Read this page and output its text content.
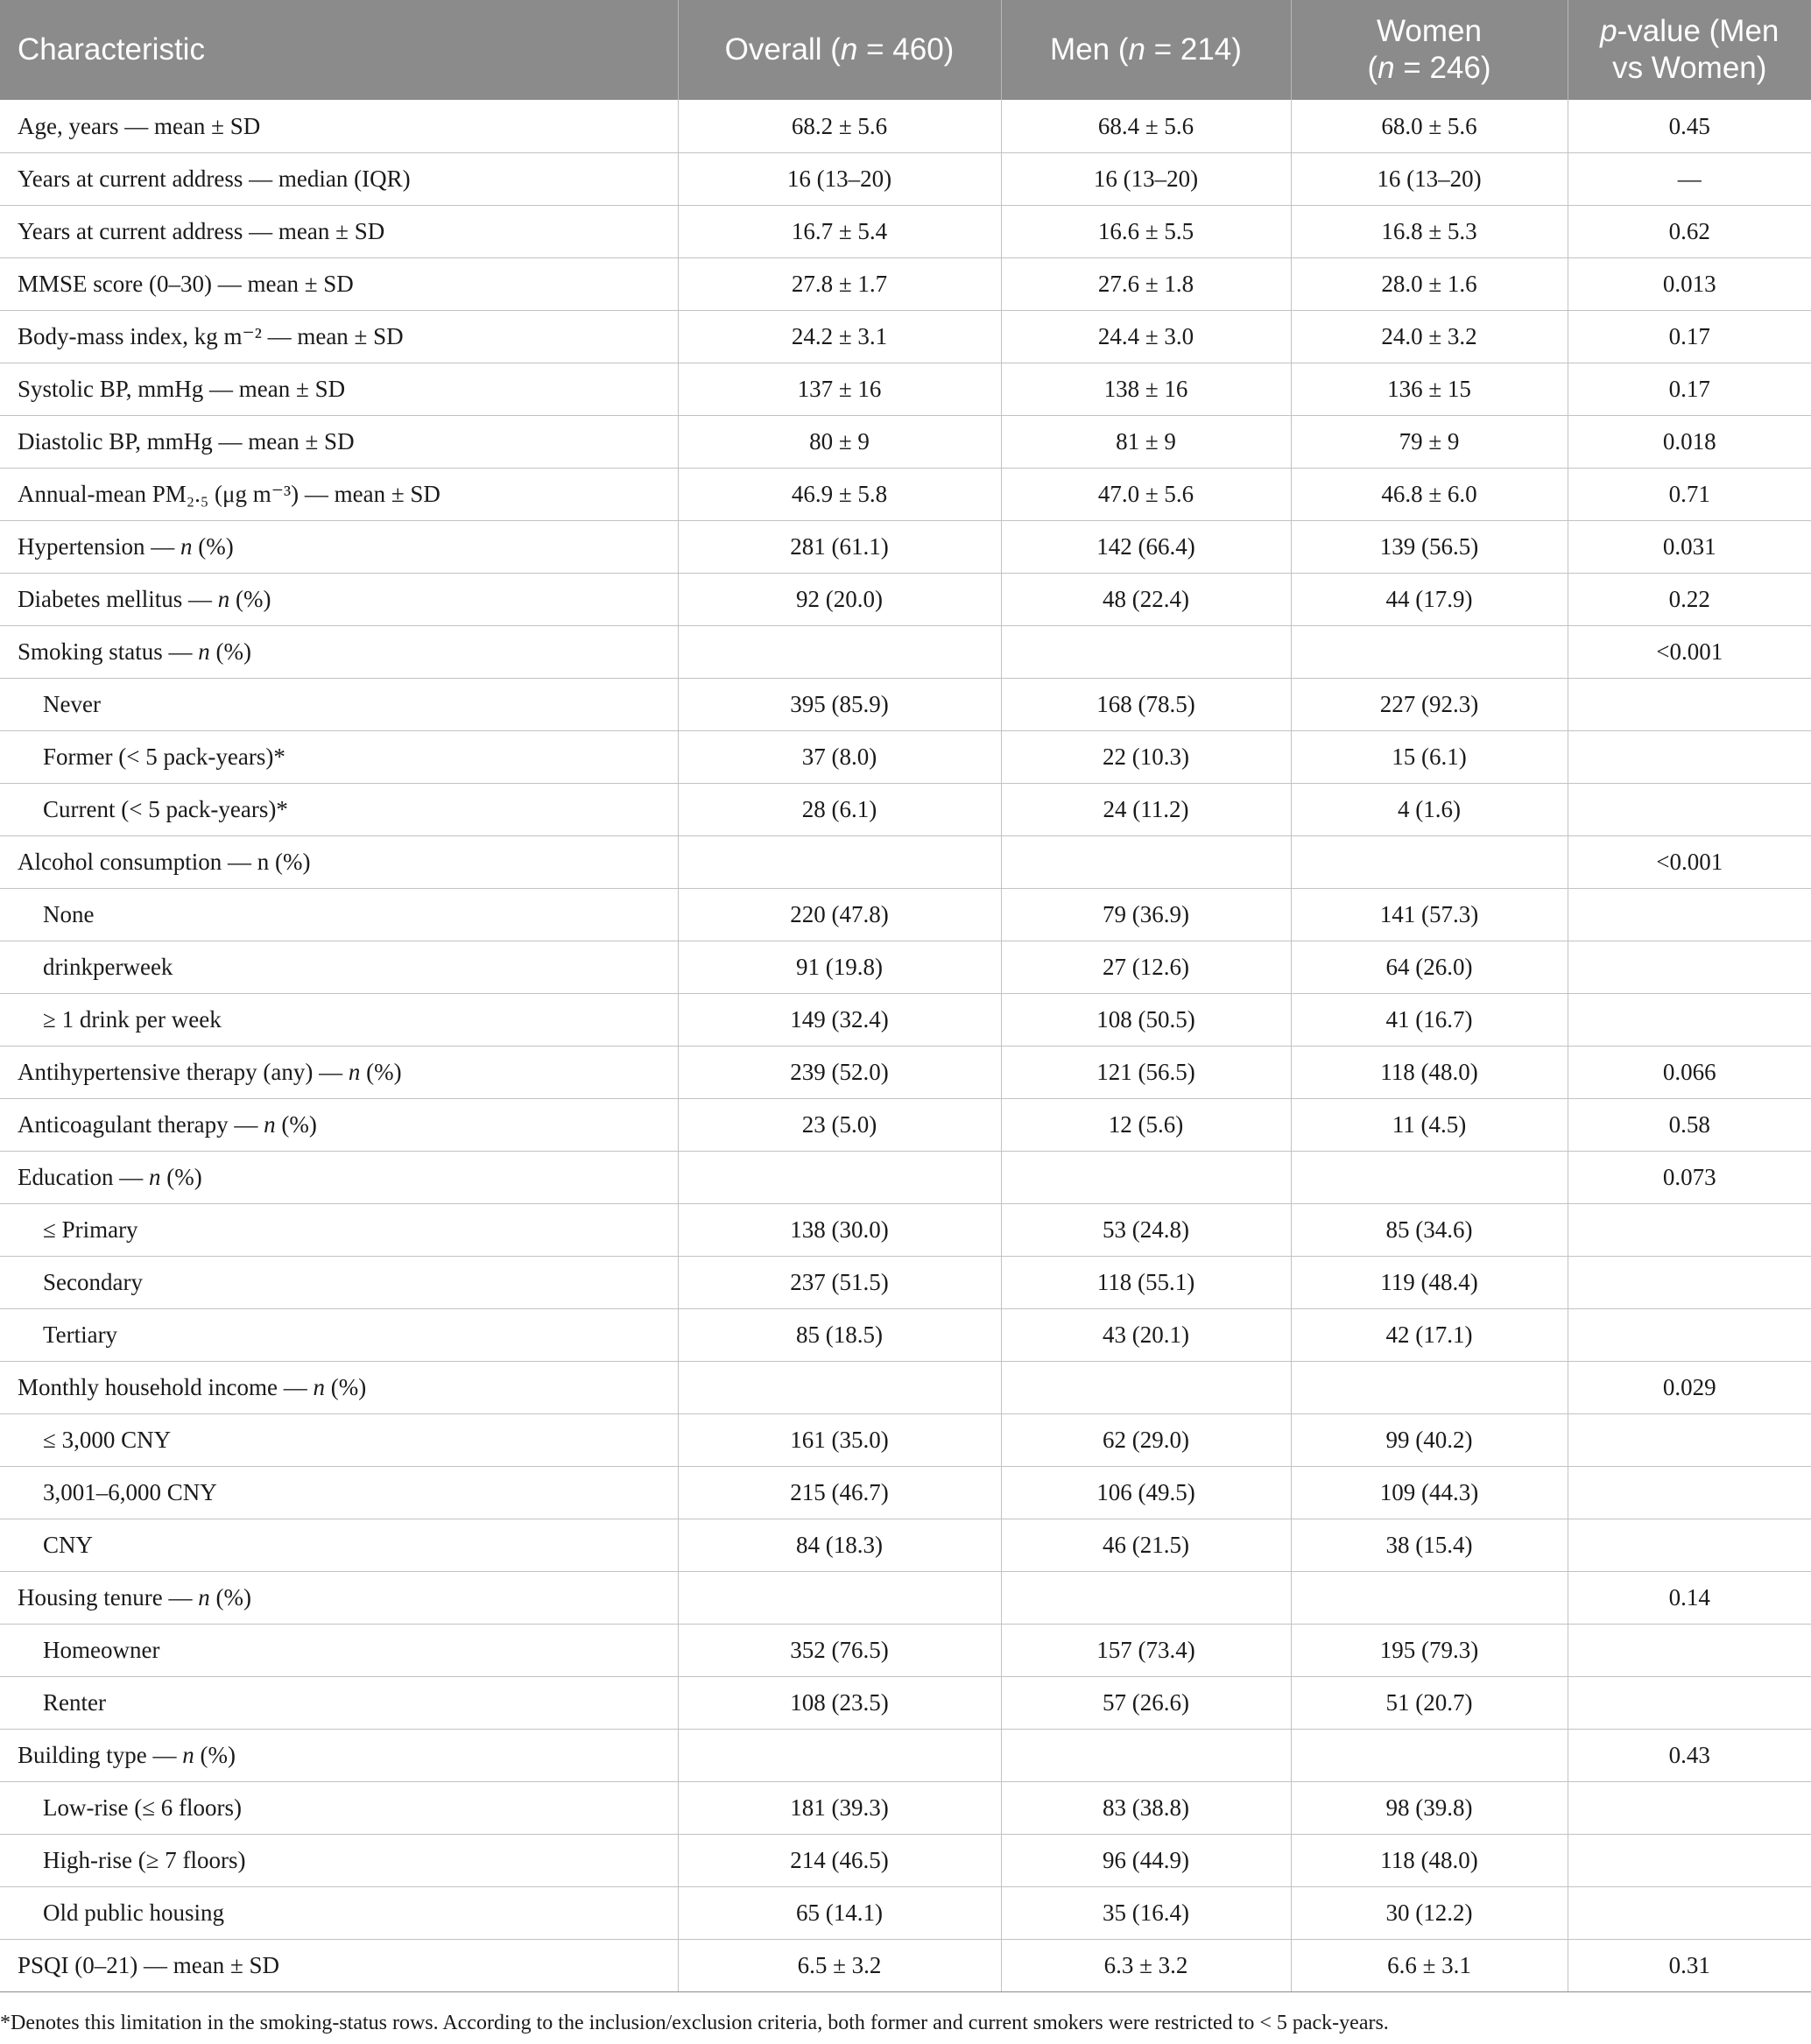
Characteristic	Overall (n = 460)	Men (n = 214)	Women
(n = 246)	p-value (Men vs Women)
Age, years — mean ± SD	68.2 ± 5.6	68.4 ± 5.6	68.0 ± 5.6	0.45
Years at current address — median (IQR)	16 (13–20)	16 (13–20)	16 (13–20)	—
Years at current address — mean ± SD	16.7 ± 5.4	16.6 ± 5.5	16.8 ± 5.3	0.62
MMSE score (0–30) — mean ± SD	27.8 ± 1.7	27.6 ± 1.8	28.0 ± 1.6	0.013
Body-mass index, kg m⁻² — mean ± SD	24.2 ± 3.1	24.4 ± 3.0	24.0 ± 3.2	0.17
Systolic BP, mmHg — mean ± SD	137 ± 16	138 ± 16	136 ± 15	0.17
Diastolic BP, mmHg — mean ± SD	80 ± 9	81 ± 9	79 ± 9	0.018
Annual-mean PM₂.₅ (μg m⁻³) — mean ± SD	46.9 ± 5.8	47.0 ± 5.6	46.8 ± 6.0	0.71
Hypertension — n (%)	281 (61.1)	142 (66.4)	139 (56.5)	0.031
Diabetes mellitus — n (%)	92 (20.0)	48 (22.4)	44 (17.9)	0.22
Smoking status — n (%)				<0.001
Never	395 (85.9)	168 (78.5)	227 (92.3)	
Former (< 5 pack-years)*	37 (8.0)	22 (10.3)	15 (6.1)	
Current (< 5 pack-years)*	28 (6.1)	24 (11.2)	4 (1.6)	
Alcohol consumption — n (%)				<0.001
None	220 (47.8)	79 (36.9)	141 (57.3)	
drinkperweek	91 (19.8)	27 (12.6)	64 (26.0)	
≥ 1 drink per week	149 (32.4)	108 (50.5)	41 (16.7)	
Antihypertensive therapy (any) — n (%)	239 (52.0)	121 (56.5)	118 (48.0)	0.066
Anticoagulant therapy — n (%)	23 (5.0)	12 (5.6)	11 (4.5)	0.58
Education — n (%)				0.073
≤ Primary	138 (30.0)	53 (24.8)	85 (34.6)	
Secondary	237 (51.5)	118 (55.1)	119 (48.4)	
Tertiary	85 (18.5)	43 (20.1)	42 (17.1)	
Monthly household income — n (%)				0.029
≤ 3,000 CNY	161 (35.0)	62 (29.0)	99 (40.2)	
3,001–6,000 CNY	215 (46.7)	106 (49.5)	109 (44.3)	
CNY	84 (18.3)	46 (21.5)	38 (15.4)	
Housing tenure — n (%)				0.14
Homeowner	352 (76.5)	157 (73.4)	195 (79.3)	
Renter	108 (23.5)	57 (26.6)	51 (20.7)	
Building type — n (%)				0.43
Low-rise (≤ 6 floors)	181 (39.3)	83 (38.8)	98 (39.8)	
High-rise (≥ 7 floors)	214 (46.5)	96 (44.9)	118 (48.0)	
Old public housing	65 (14.1)	35 (16.4)	30 (12.2)	
PSQI (0–21) — mean ± SD	6.5 ± 3.2	6.3 ± 3.2	6.6 ± 3.1	0.31
*Denotes this limitation in the smoking-status rows. According to the inclusion/exclusion criteria, both former and current smokers were restricted to < 5 pack-years.
